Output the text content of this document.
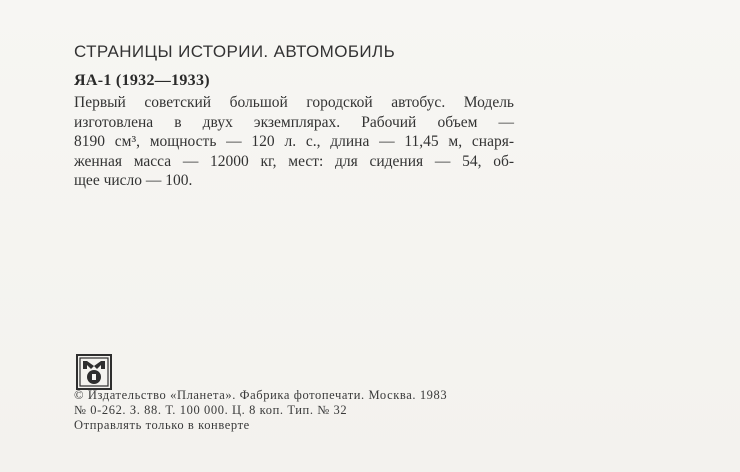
СТРАНИЦЫ ИСТОРИИ. АВТОМОБИЛЬ
ЯА-1 (1932—1933)
Первый советский большой городской автобус. Модель
изготовлена в двух экземплярах. Рабочий объем —
8190 см³, мощность — 120 л. с., длина — 11,45 м, снаря-
женная масса — 12000 кг, мест: для сидения — 54, об-
щее число — 100.
© Издательство «Планета». Фабрика фотопечати. Москва. 1983
№ 0-262. З. 88. Т. 100 000. Ц. 8 коп. Тип. № 32
Отправлять только в конверте
